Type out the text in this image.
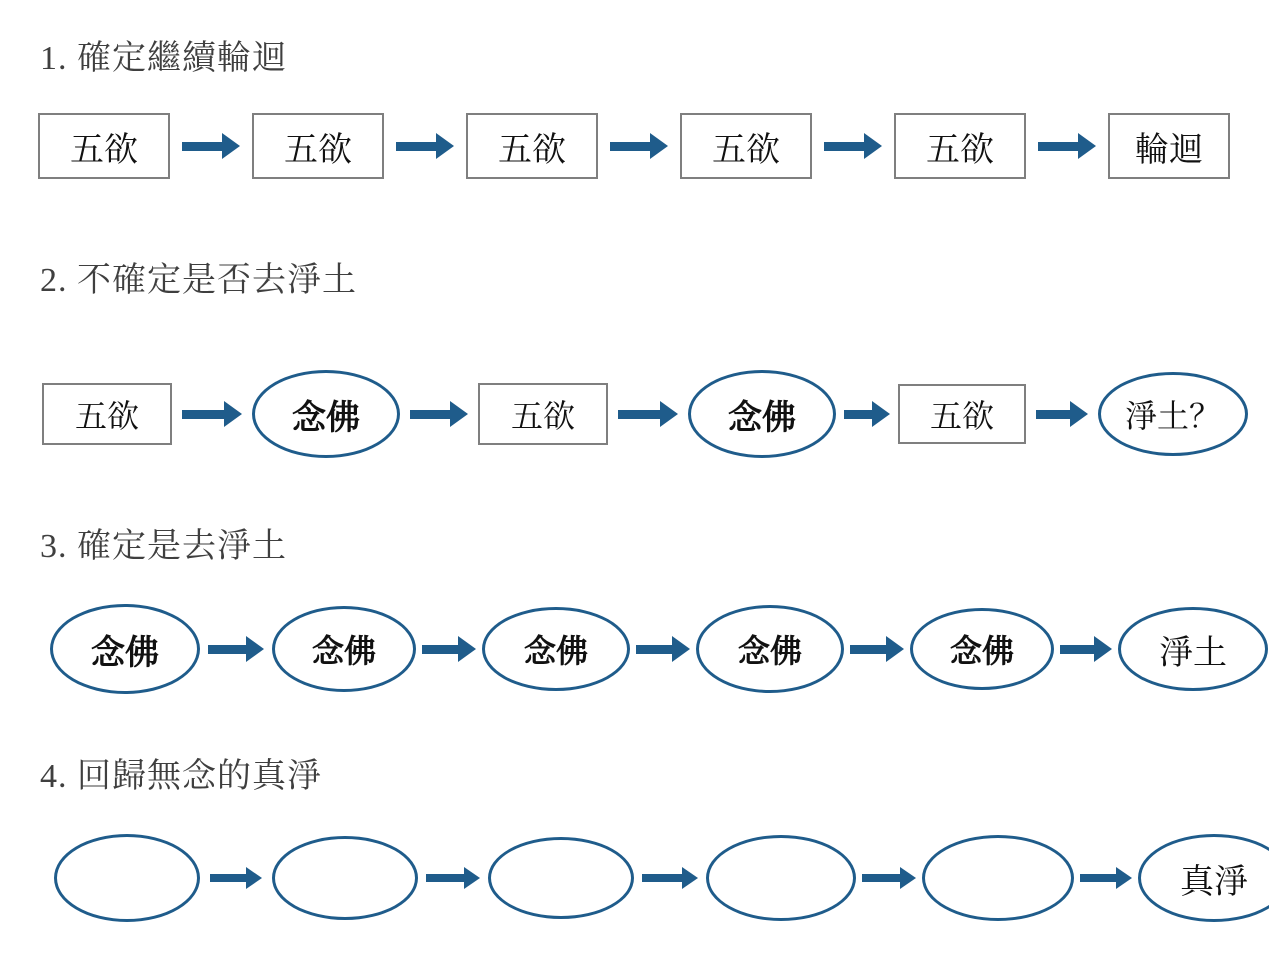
1. 確定繼續輪迴
五欲	五欲	五欲	五欲	五欲	輪迴
2. 不確定是否去淨土
五欲	念佛	五欲	念佛	五欲	淨土？
3. 確定是去淨土
念佛	念佛	念佛	念佛	念佛	淨土
4. 回歸無念的真淨
真淨
